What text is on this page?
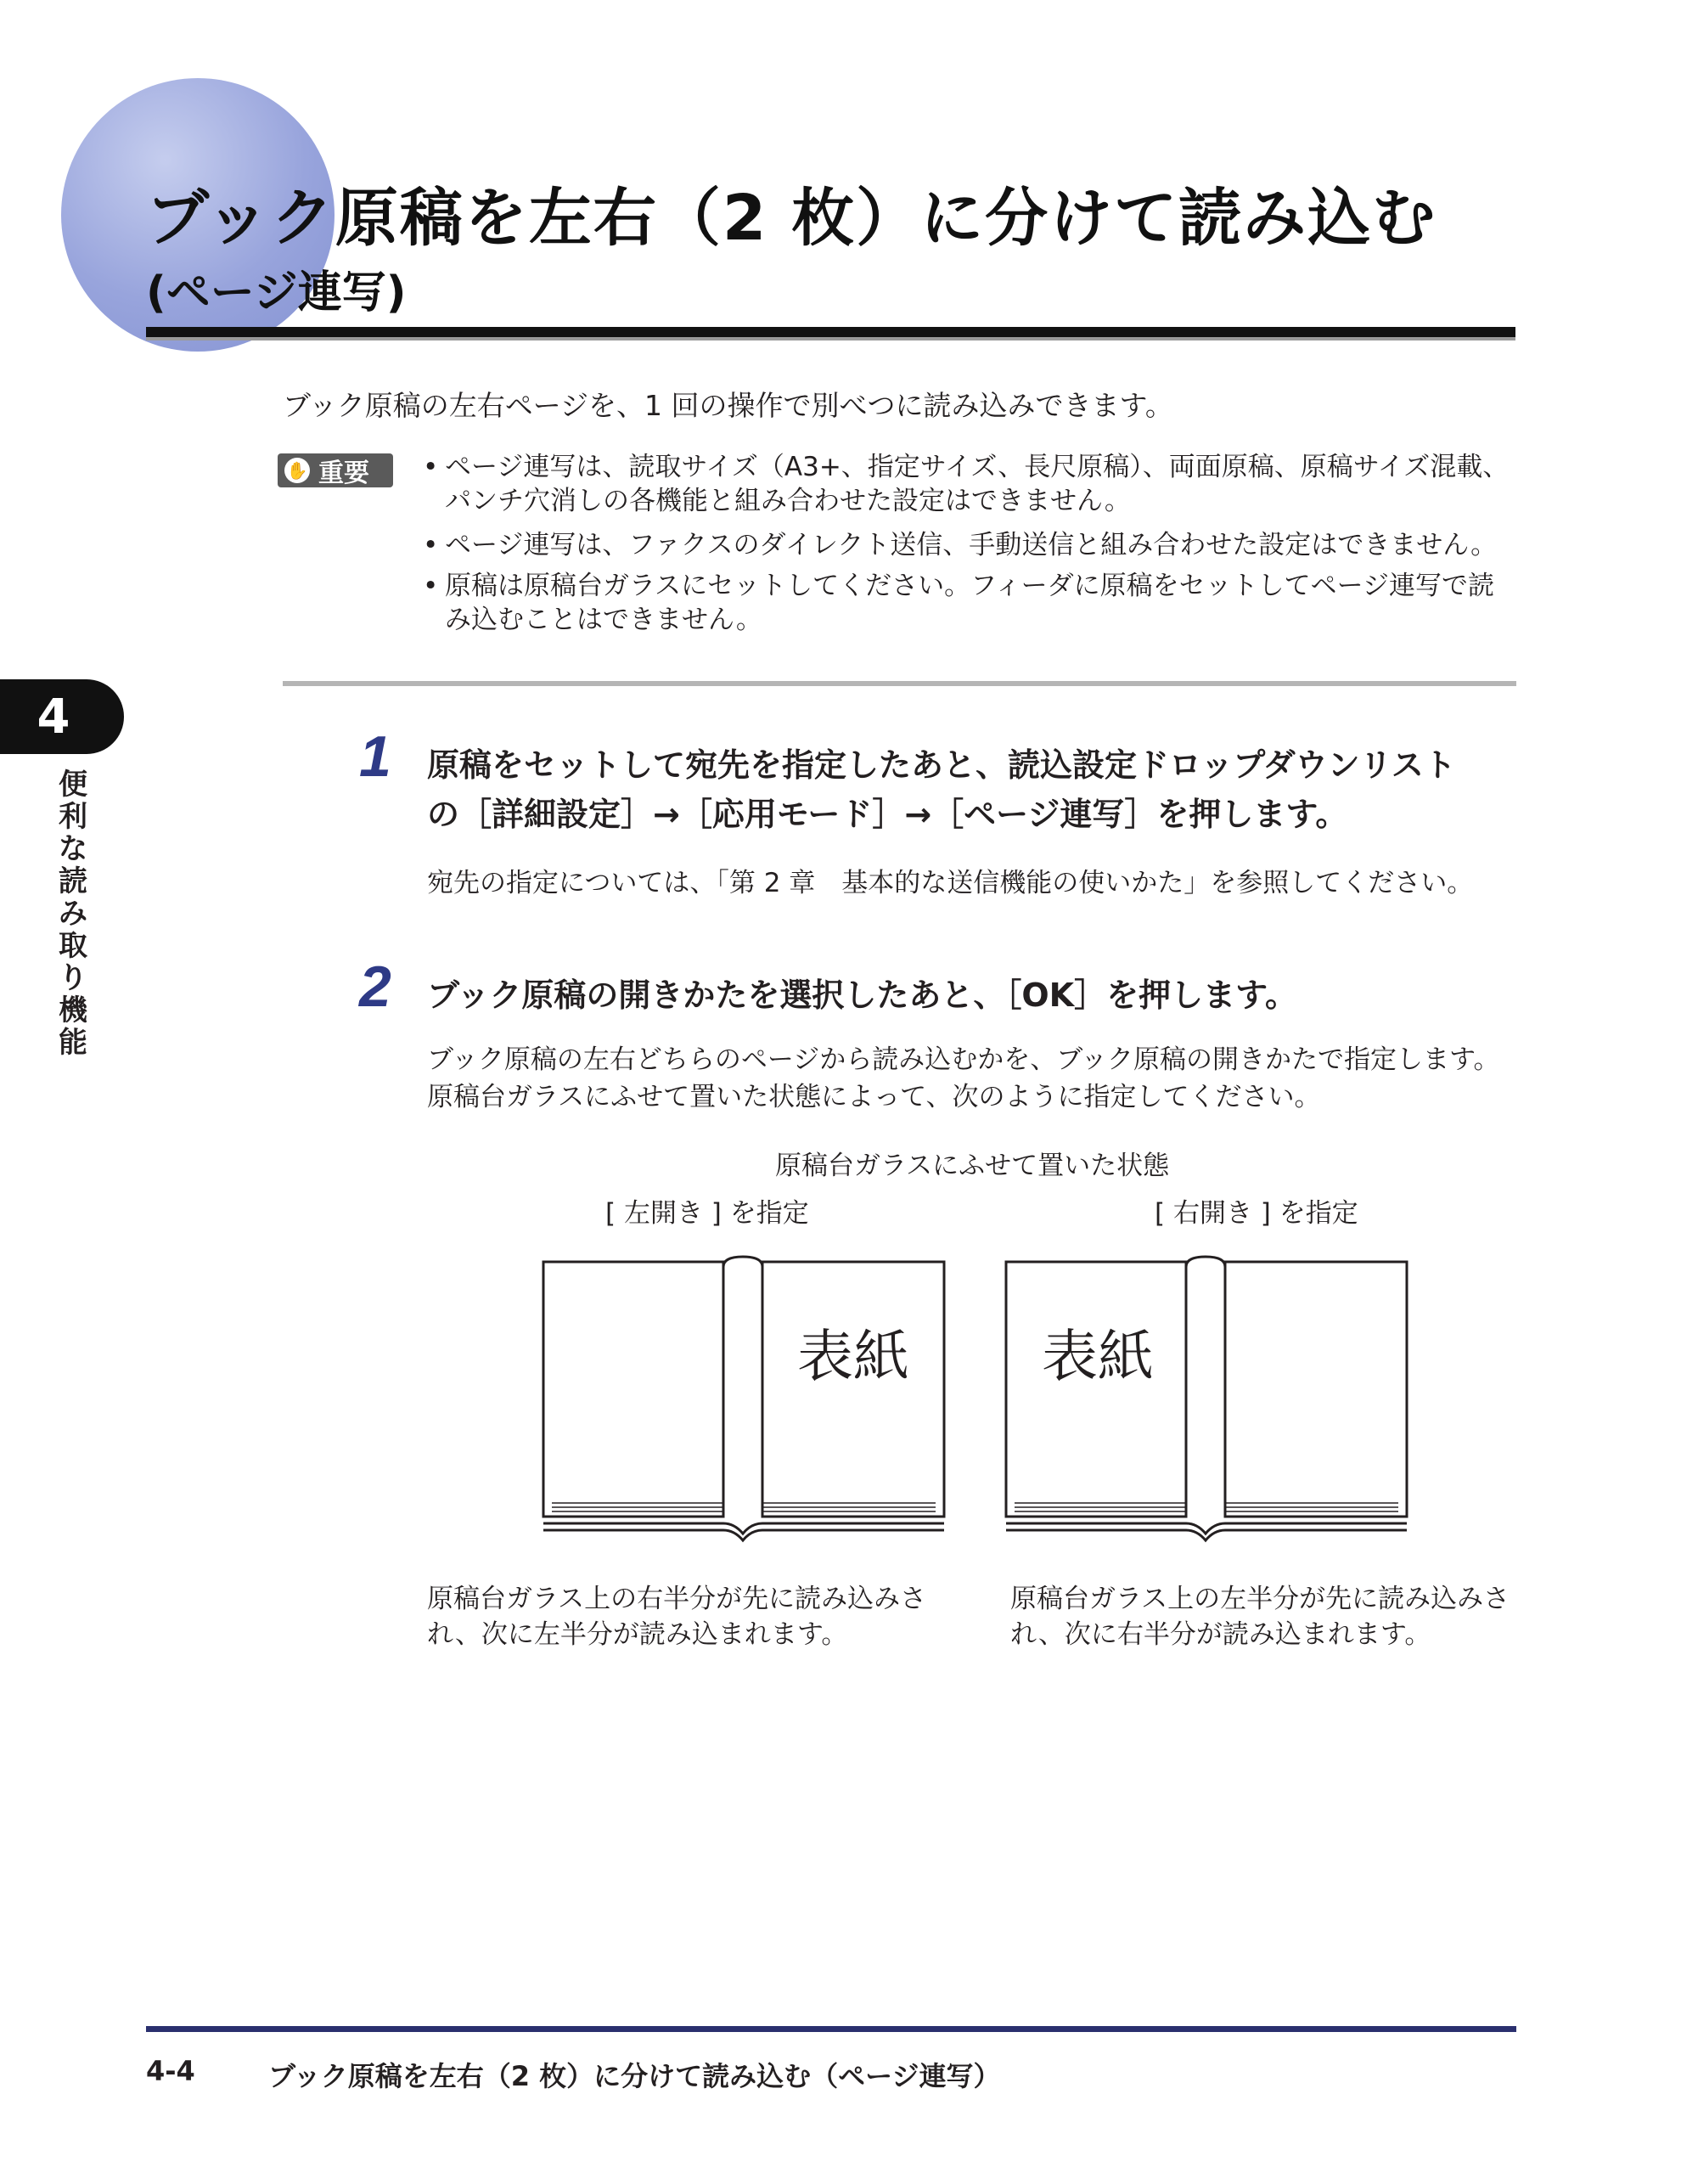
ブック原稿を左右（2 枚）に分けて読み込む
(ページ連写)
ブック原稿の左右ページを、1 回の操作で別べつに読み込みできます。
✋ 重要 • ページ連写は、読取サイズ（A3+、指定サイズ、長尺原稿）、両面原稿、原稿サイズ混載、
パンチ穴消しの各機能と組み合わせた設定はできません。
• ページ連写は、ファクスのダイレクト送信、手動送信と組み合わせた設定はできません。
• 原稿は原稿台ガラスにセットしてください。フィーダに原稿をセットしてページ連写で読
み込むことはできません。
4
便利な読み取り機能
1 原稿をセットして宛先を指定したあと、読込設定ドロップダウンリスト
の［詳細設定］→［応用モード］→［ページ連写］を押します。
宛先の指定については、「第 2 章　基本的な送信機能の使いかた」を参照してください。
2 ブック原稿の開きかたを選択したあと、［OK］を押します。
ブック原稿の左右どちらのページから読み込むかを、ブック原稿の開きかたで指定します。
原稿台ガラスにふせて置いた状態によって、次のように指定してください。
原稿台ガラスにふせて置いた状態
[ 左開き ] を指定	[ 右開き ] を指定
表紙 表紙
原稿台ガラス上の右半分が先に読み込みさ
れ、次に左半分が読み込まれます。
原稿台ガラス上の左半分が先に読み込みさ
れ、次に右半分が読み込まれます。
4-4	ブック原稿を左右（2 枚）に分けて読み込む（ページ連写）
